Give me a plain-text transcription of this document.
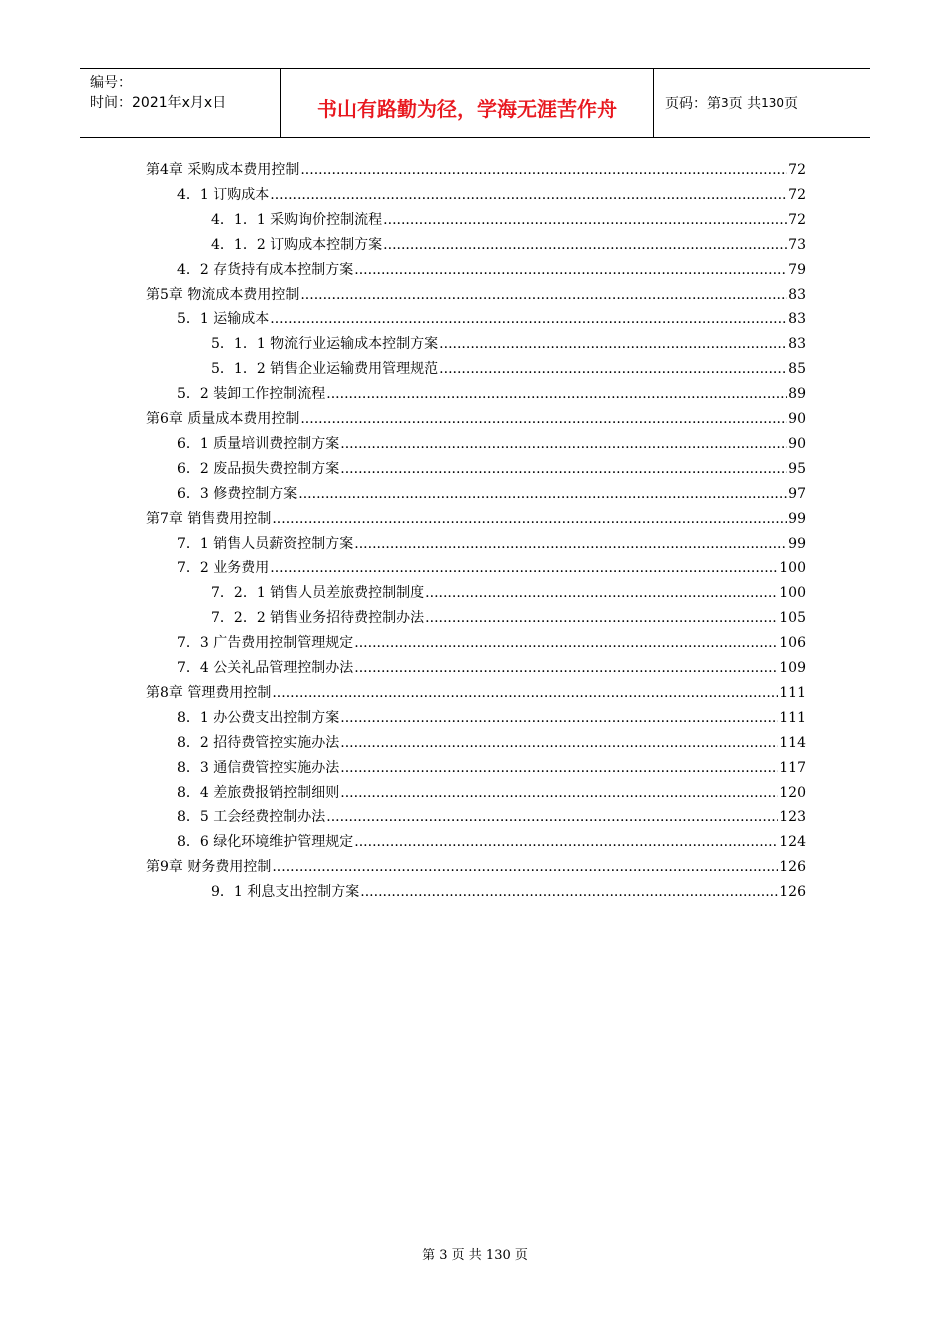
编号：
时间：2021年x月x日	书山有路勤为径，学海无涯苦作舟	页码：第 3 页 共 130 页
第4章 采购成本费用控制 .....	72
4．1 订购成本 .....	72
4．1．1 采购询价控制流程 .....	72
4．1．2 订购成本控制方案 .....	73
4．2 存货持有成本控制方案 .....	79
第5章 物流成本费用控制 .....	83
5．1 运输成本 .....	83
5．1．1 物流行业运输成本控制方案 .....	83
5．1．2 销售企业运输费用管理规范 .....	85
5．2 装卸工作控制流程 .....	89
第6章 质量成本费用控制 .....	90
6．1 质量培训费控制方案 .....	90
6．2 废品损失费控制方案 .....	95
6．3 修费控制方案 .....	97
第7章 销售费用控制 .....	99
7．1 销售人员薪资控制方案 .....	99
7．2 业务费用 .....	100
7．2．1 销售人员差旅费控制制度 .....	100
7．2．2 销售业务招待费控制办法 .....	105
7．3 广告费用控制管理规定 .....	106
7．4 公关礼品管理控制办法 .....	109
第8章 管理费用控制 .....	111
8．1 办公费支出控制方案 .....	111
8．2 招待费管控实施办法 .....	114
8．3 通信费管控实施办法 .....	117
8．4 差旅费报销控制细则 .....	120
8．5 工会经费控制办法 .....	123
8．6 绿化环境维护管理规定 .....	124
第9章 财务费用控制 .....	126
9．1 利息支出控制方案 .....	126
第 3 页 共 130 页
